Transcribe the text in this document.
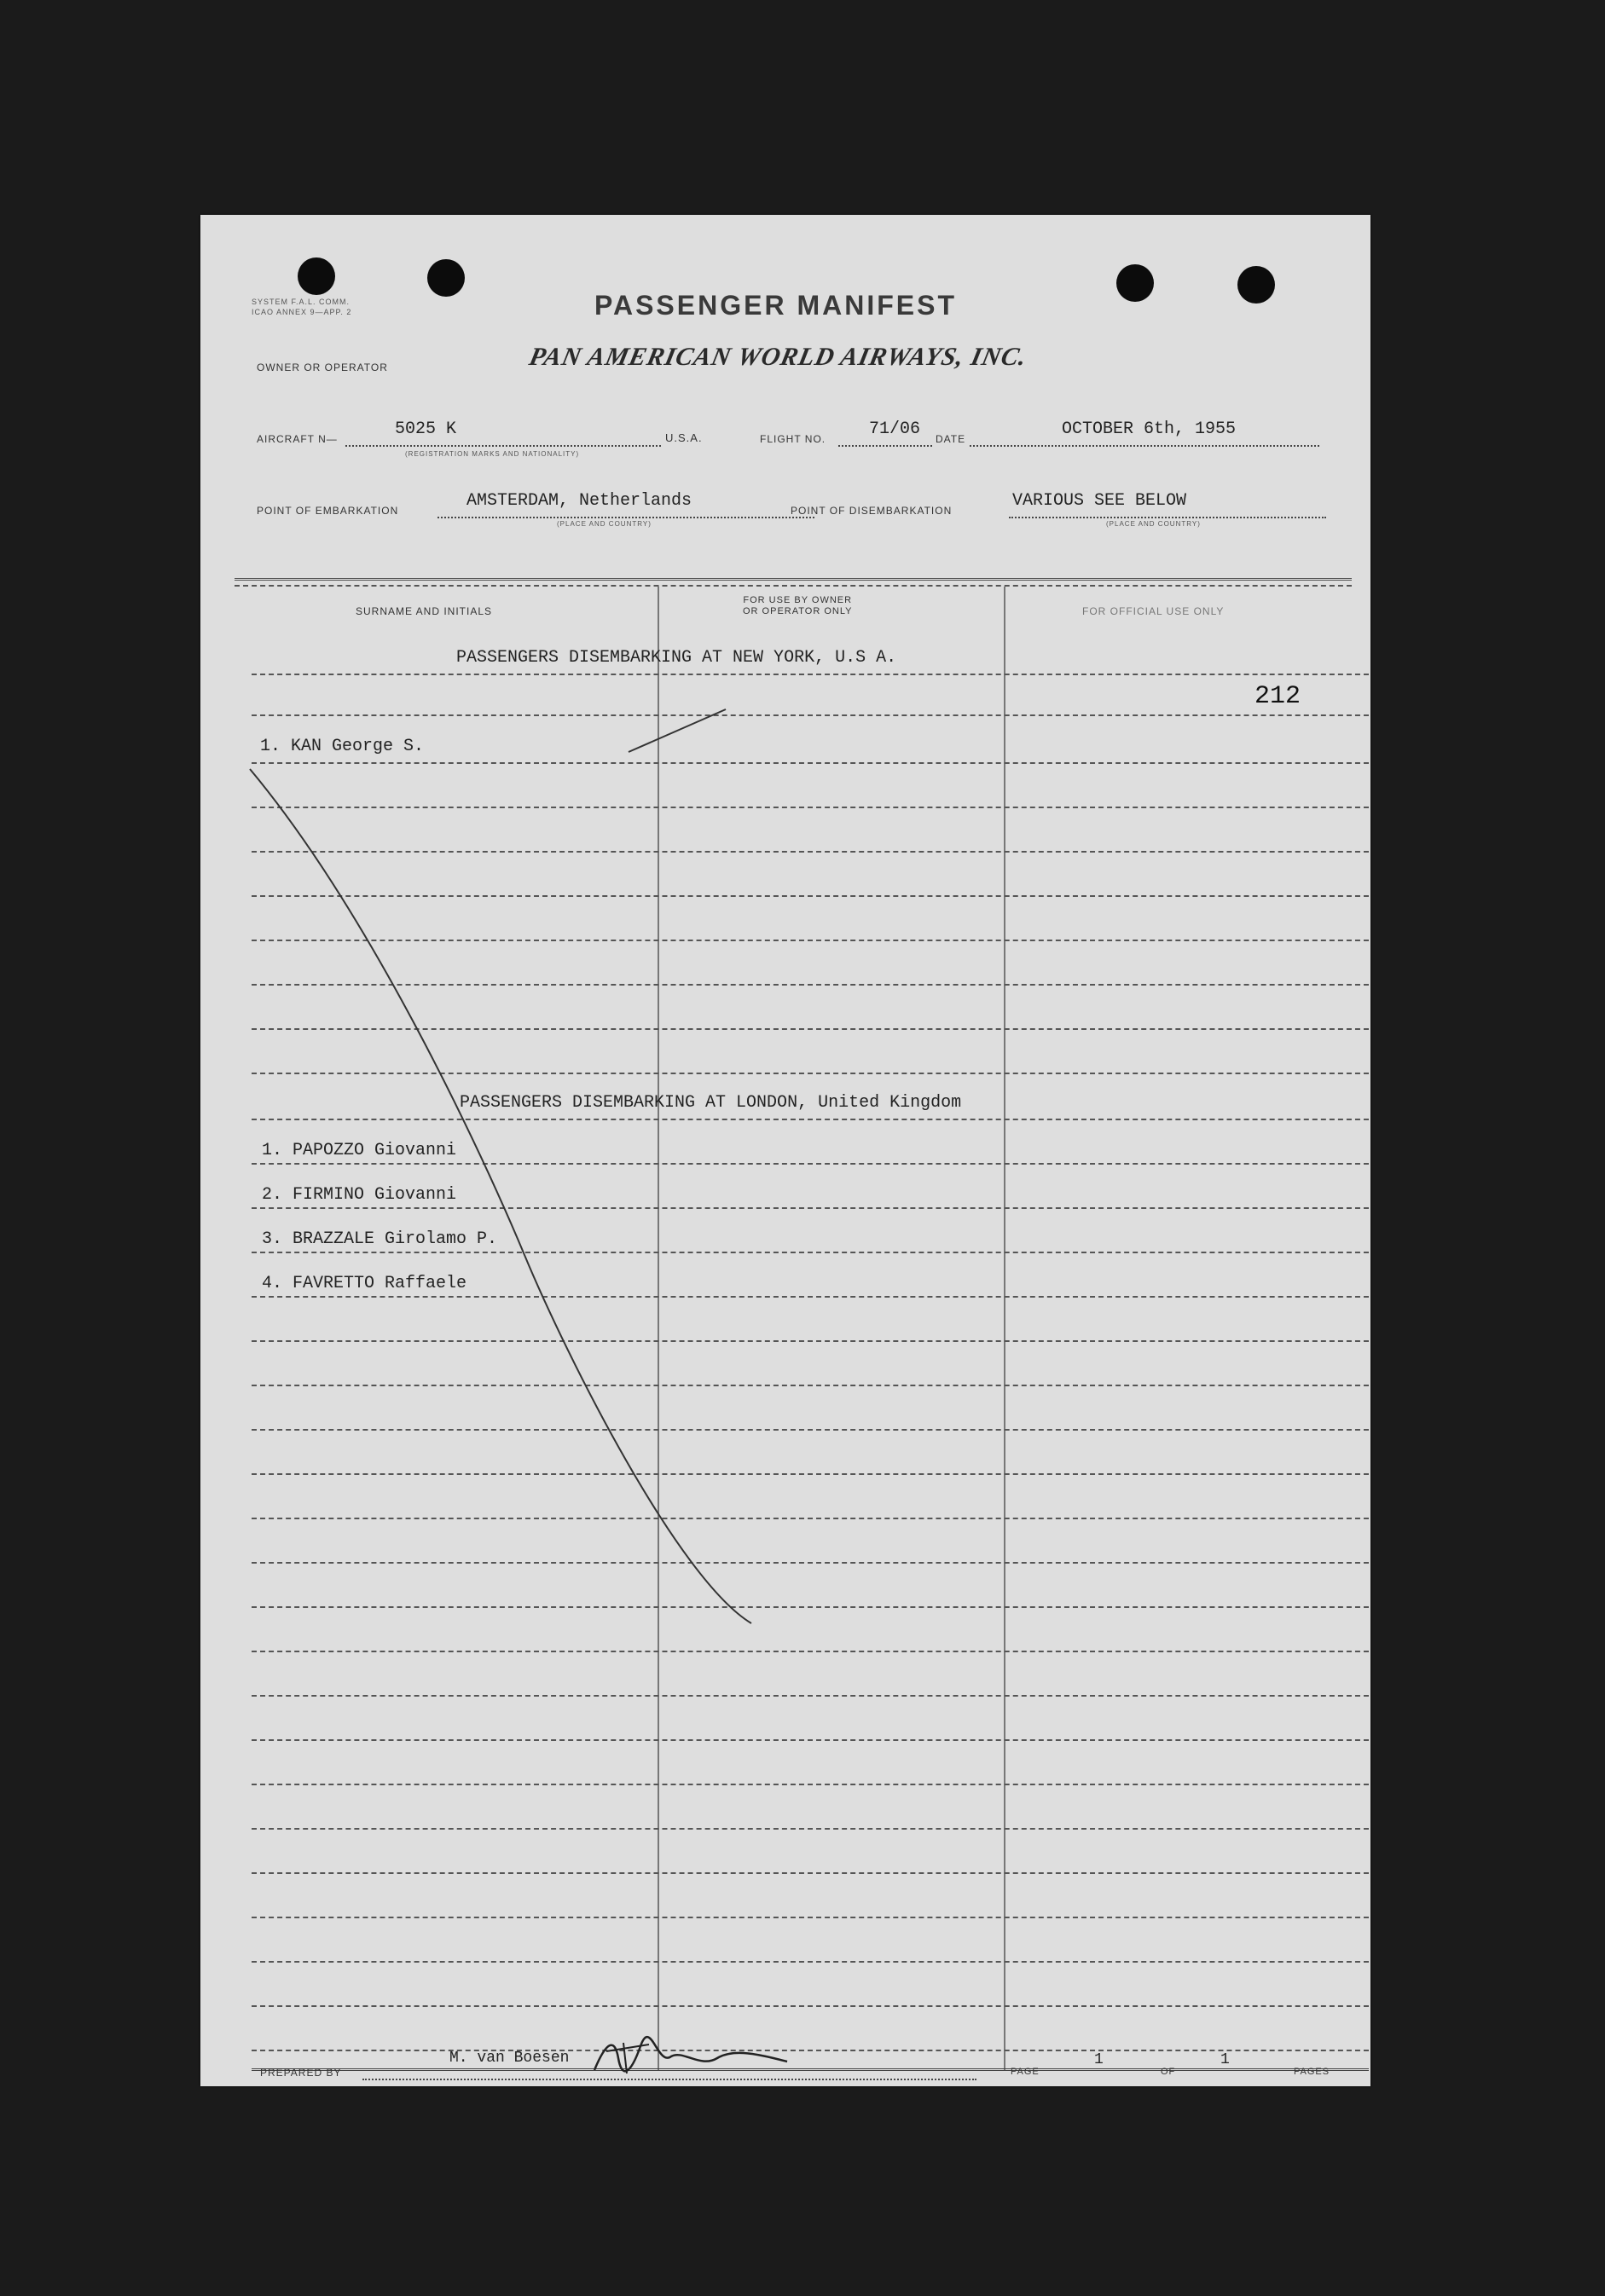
SYSTEM F.A.L. COMM.
ICAO ANNEX 9—APP. 2	PASSENGER MANIFEST
OWNER OR OPERATOR	PAN AMERICAN WORLD AIRWAYS, INC.
AIRCRAFT N—	5025 K
(REGISTRATION MARKS AND NATIONALITY)
U.S.A.	FLIGHT NO.	71/06 DATE	OCTOBER 6th, 1955
POINT OF EMBARKATION	AMSTERDAM, Netherlands
(PLACE AND COUNTRY)
POINT OF DISEMBARKATION	VARIOUS SEE BELOW
(PLACE AND COUNTRY)
SURNAME AND INITIALS
FOR USE BY OWNER
OR OPERATOR ONLY	FOR OFFICIAL USE ONLY
212
PASSENGERS DISEMBARKING AT NEW YORK, U.S A.
1. KAN George S.
PASSENGERS DISEMBARKING AT LONDON, United Kingdom
1. PAPOZZO Giovanni
2. FIRMINO Giovanni
3. BRAZZALE Girolamo P.
4. FAVRETTO Raffaele
PREPARED BY
M. van Boesen
PAGE
1
OF
1
PAGES
